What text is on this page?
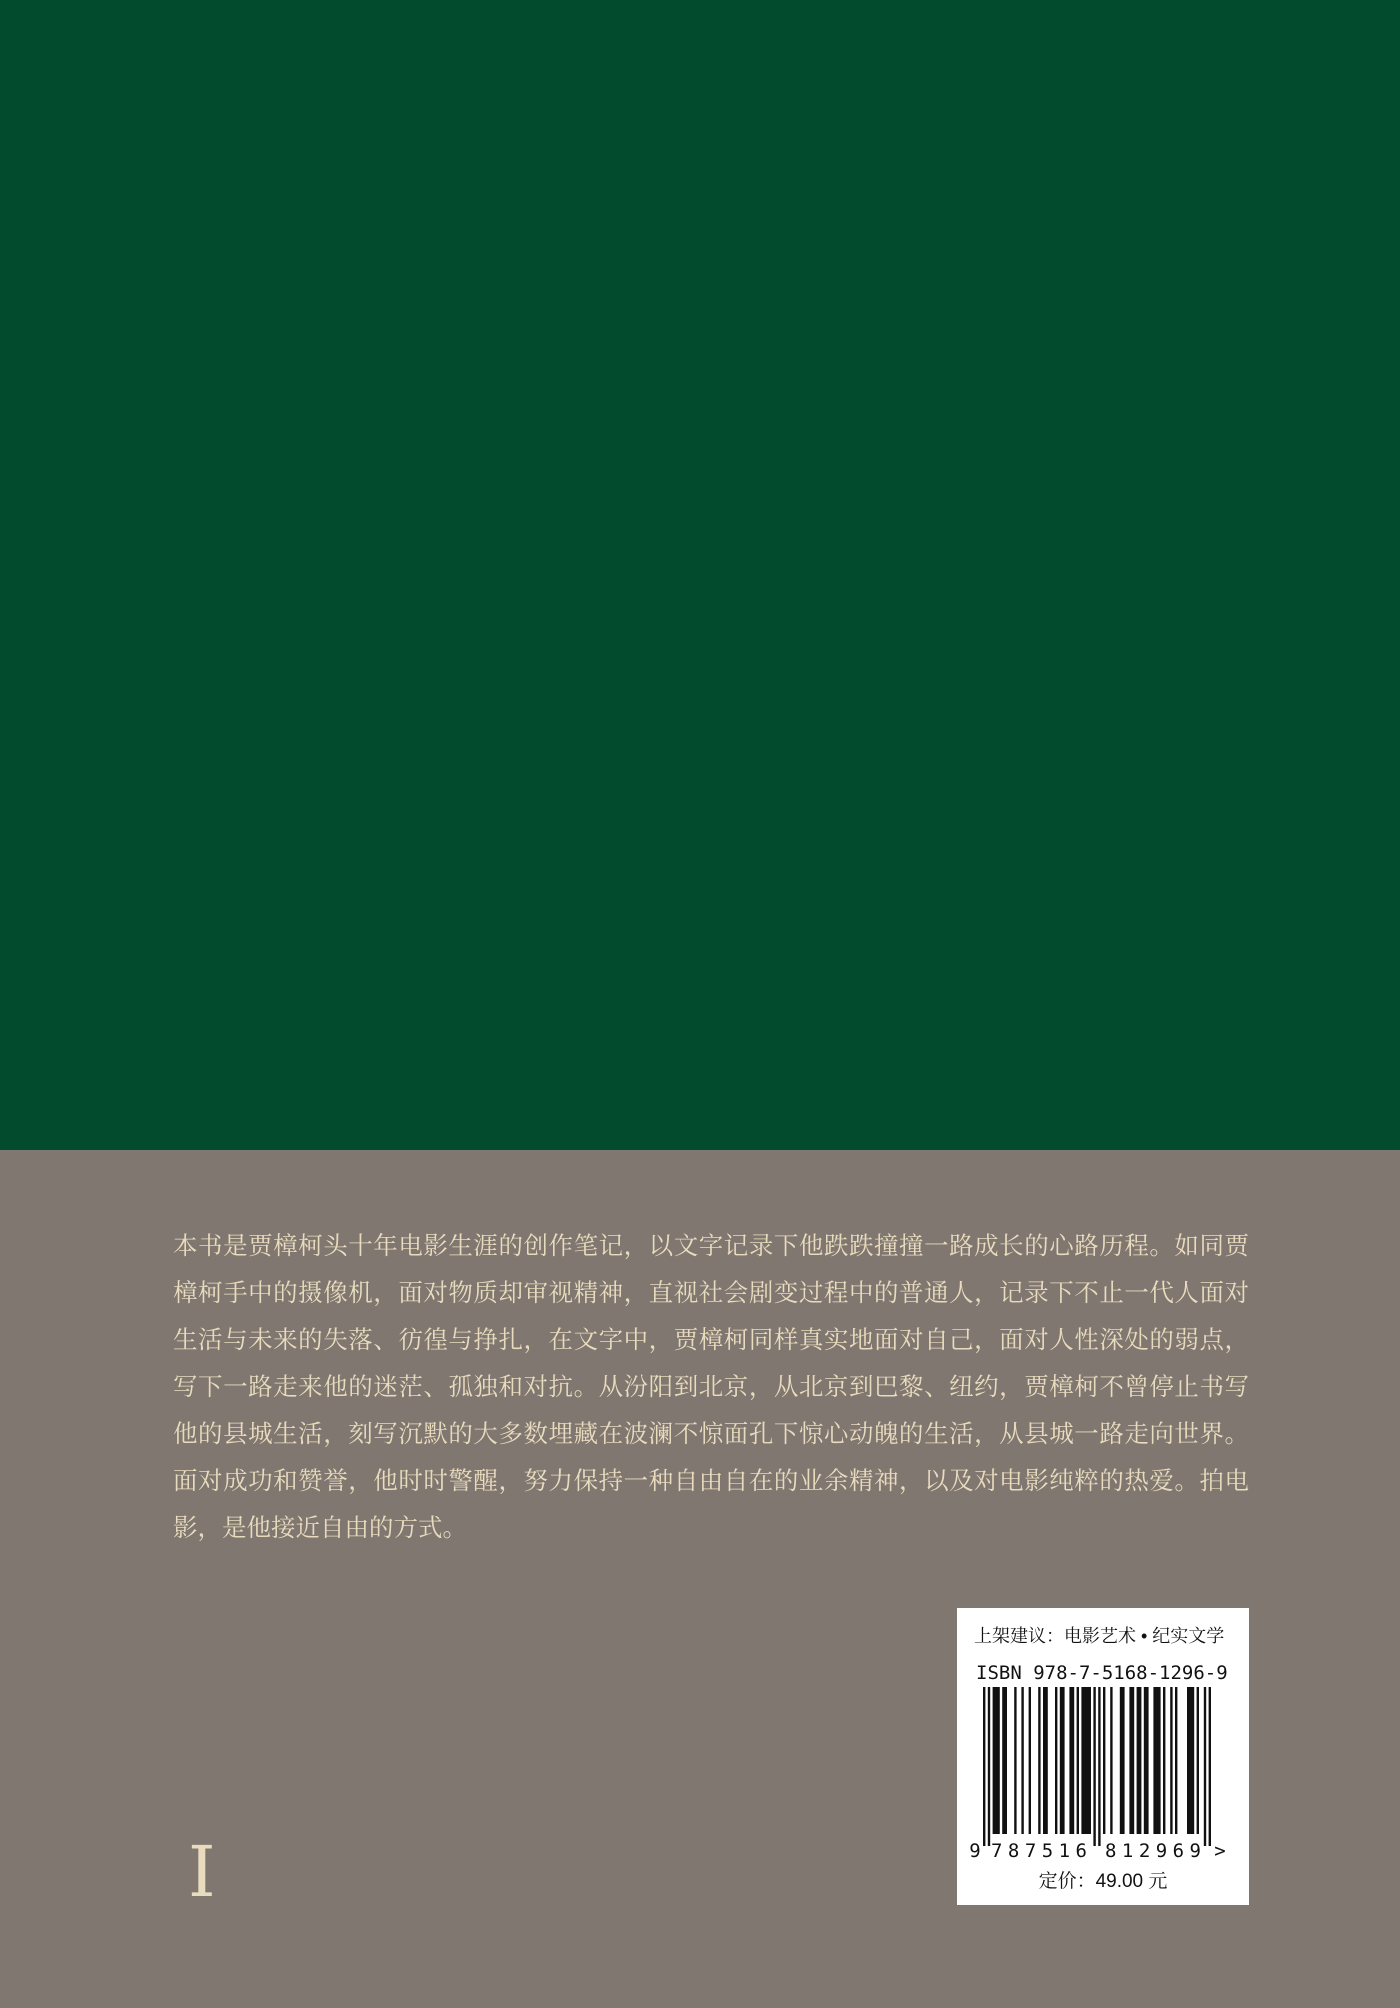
本书是贾樟柯头十年电影生涯的创作笔记，以文字记录下他跌跌撞撞一路成长的心路历程。如同贾
樟柯手中的摄像机，面对物质却审视精神，直视社会剧变过程中的普通人，记录下不止一代人面对
生活与未来的失落、彷徨与挣扎，在文字中，贾樟柯同样真实地面对自己，面对人性深处的弱点，
写下一路走来他的迷茫、孤独和对抗。从汾阳到北京，从北京到巴黎、纽约，贾樟柯不曾停止书写
他的县城生活，刻写沉默的大多数埋藏在波澜不惊面孔下惊心动魄的生活，从县城一路走向世界。
面对成功和赞誉，他时时警醒，努力保持一种自由自在的业余精神，以及对电影纯粹的热爱。拍电
影，是他接近自由的方式。
I
上架建议：电影艺术 • 纪实文学
ISBN 978-7-5168-1296-9
9 787516 812969 >
定价：49.00 元
